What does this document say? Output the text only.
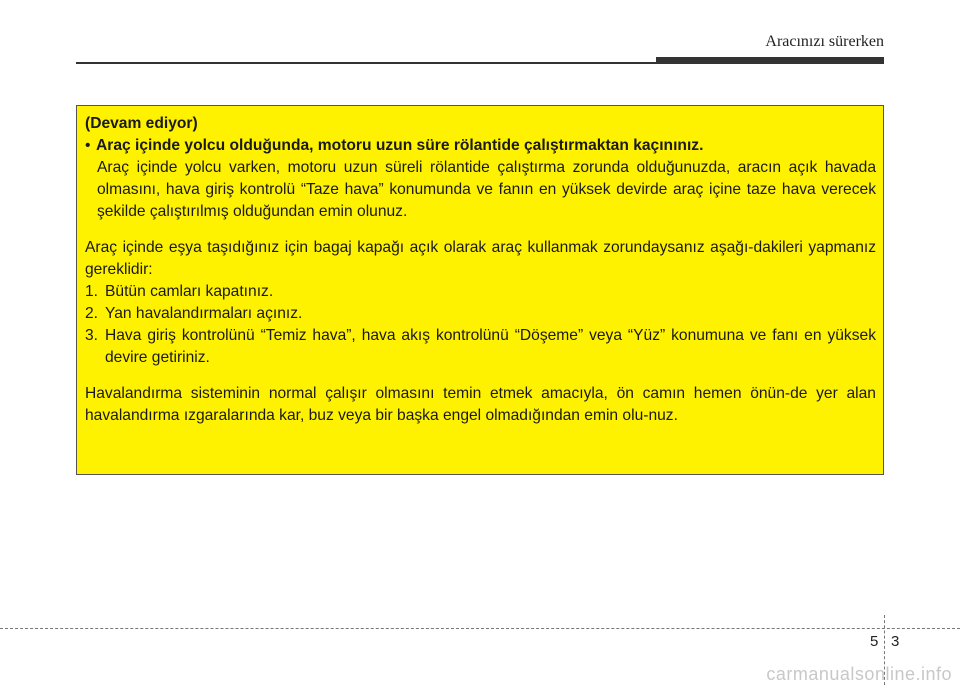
Aracınızı sürerken

(Devam ediyor)

• Araç içinde yolcu olduğunda, motoru uzun süre rölantide çalıştırmaktan kaçınınız.

Araç içinde yolcu varken, motoru uzun süreli rölantide çalıştırma zorunda olduğunuzda, aracın açık havada olmasını, hava giriş kontrolü “Taze hava” konumunda ve fanın en yüksek devirde araç içine taze hava verecek şekilde çalıştırılmış olduğundan emin olunuz.

Araç içinde eşya taşıdığınız için bagaj kapağı açık olarak araç kullanmak zorundaysanız aşağı-dakileri yapmanız gereklidir:

1. Bütün camları kapatınız.
2. Yan havalandırmaları açınız.
3. Hava giriş kontrolünü “Temiz hava”, hava akış kontrolünü “Döşeme” veya “Yüz” konumuna ve fanı en yüksek devire getiriniz.

Havalandırma sisteminin normal çalışır olmasını temin etmek amacıyla, ön camın hemen önün-de yer alan havalandırma ızgaralarında kar, buz veya bir başka engel olmadığından emin olu-nuz.

5 3
carmanualsonline.info
